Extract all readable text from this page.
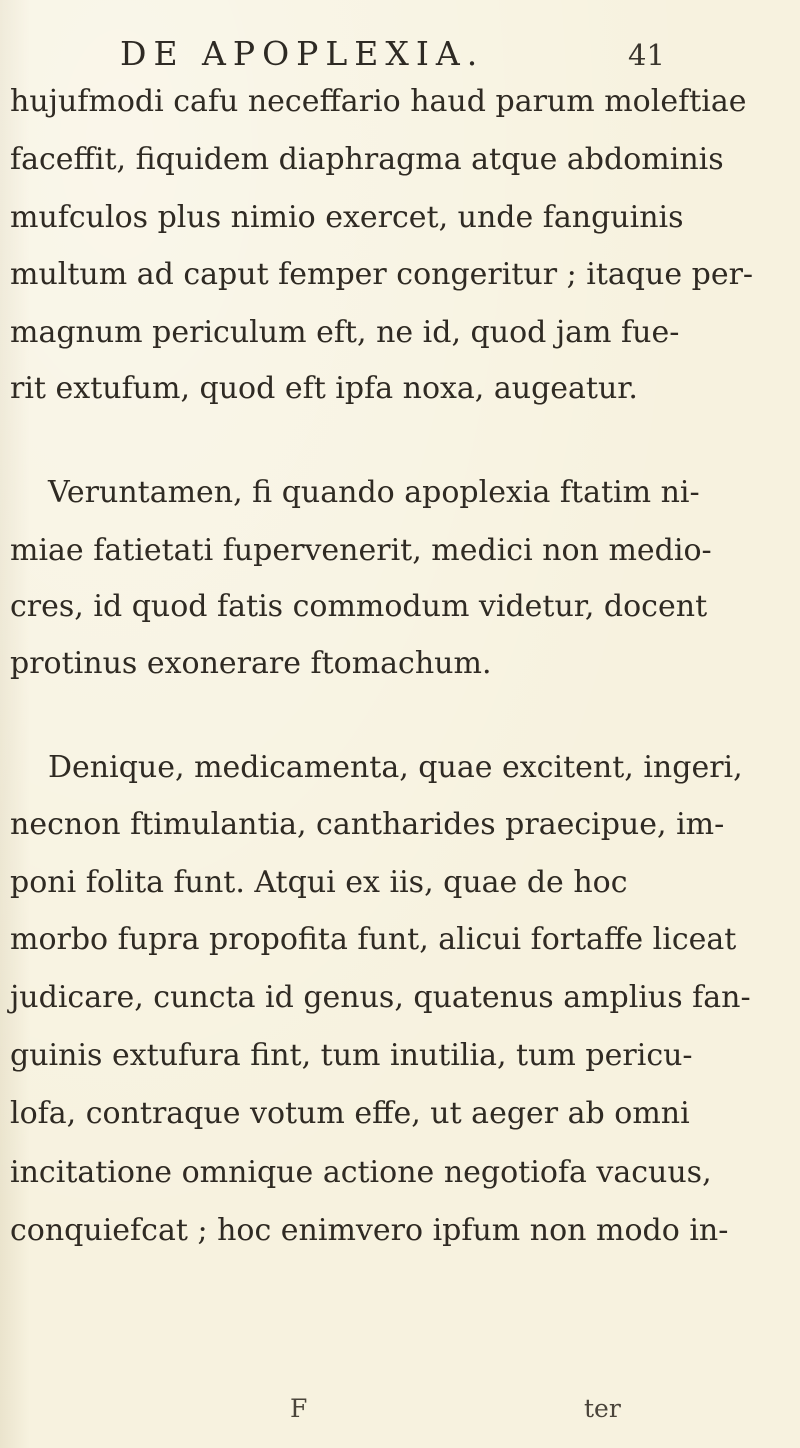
DE APOPLEXIA.	41
hujufmodi cafu neceffario haud parum moleftiae
faceffit, fiquidem diaphragma atque abdominis
mufculos plus nimio exercet, unde fanguinis
multum ad caput femper congeritur ; itaque per-
magnum periculum eft, ne id, quod jam fue-
rit extufum, quod eft ipfa noxa, augeatur.
Veruntamen, fi quando apoplexia ftatim ni-
miae fatietati fupervenerit, medici non medio-
cres, id quod fatis commodum videtur, docent
protinus exonerare ftomachum.
Denique, medicamenta, quae excitent, ingeri,
necnon ftimulantia, cantharides praecipue, im-
poni folita funt. Atqui ex iis, quae de hoc
morbo fupra propofita funt, alicui fortaffe liceat
judicare, cuncta id genus, quatenus amplius fan-
guinis extufura fint, tum inutilia, tum pericu-
lofa, contraque votum effe, ut aeger ab omni
incitatione omnique actione negotiofa vacuus,
conquiefcat ; hoc enimvero ipfum non modo in-
F	ter
